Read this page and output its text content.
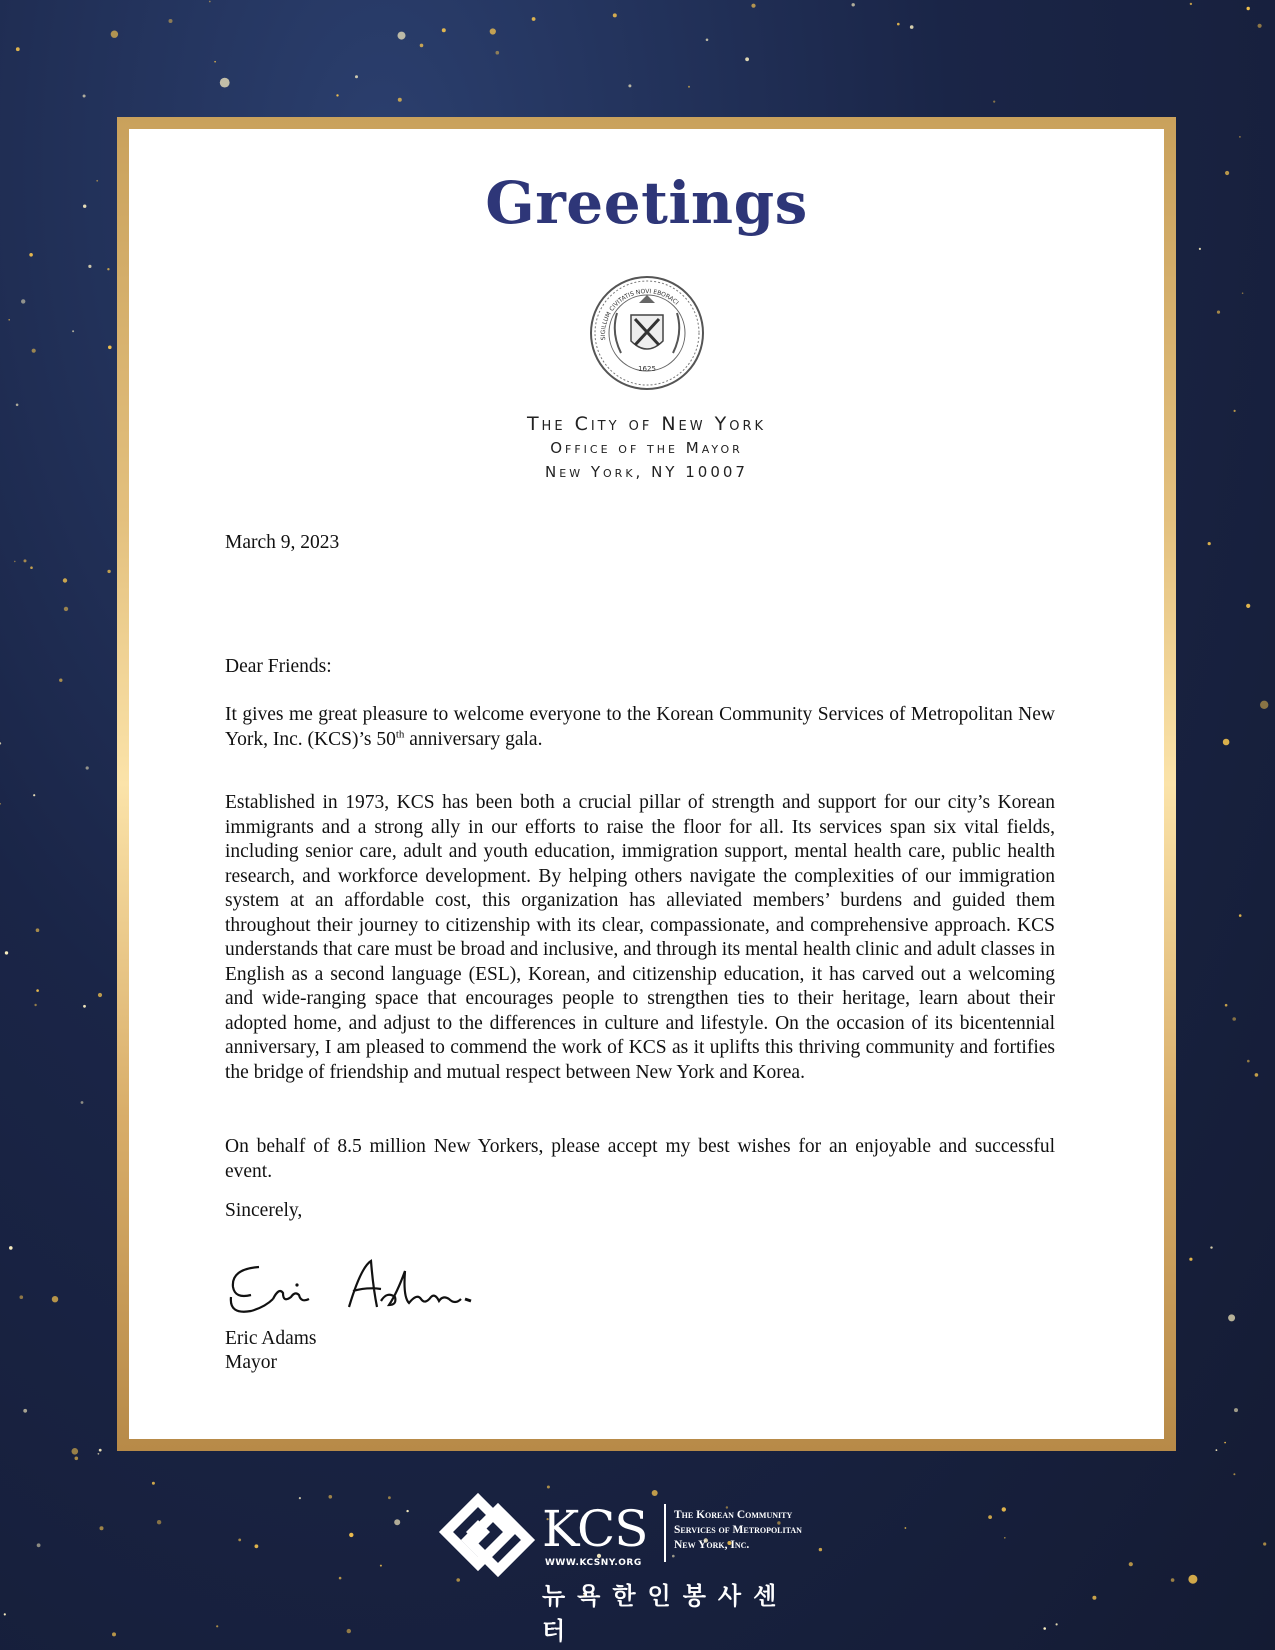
Greetings
1625
SIGILLUM CIVITATIS NOVI EBORACI
The City of New York
Office of the Mayor
New York, NY 10007
March 9, 2023
Dear Friends:
It gives me great pleasure to welcome everyone to the Korean Community Services of Metropolitan New York, Inc. (KCS)’s 50th anniversary gala.
Established in 1973, KCS has been both a crucial pillar of strength and support for our city’s Korean immigrants and a strong ally in our efforts to raise the floor for all. Its services span six vital fields, including senior care, adult and youth education, immigration support, mental health care, public health research, and workforce development. By helping others navigate the complexities of our immigration system at an affordable cost, this organization has alleviated members’ burdens and guided them throughout their journey to citizenship with its clear, compassionate, and comprehensive approach. KCS understands that care must be broad and inclusive, and through its mental health clinic and adult classes in English as a second language (ESL), Korean, and citizenship education, it has carved out a welcoming and wide-ranging space that encourages people to strengthen ties to their heritage, learn about their adopted home, and adjust to the differences in culture and lifestyle. On the occasion of its bicentennial anniversary, I am pleased to commend the work of KCS as it uplifts this thriving community and fortifies the bridge of friendship and mutual respect between New York and Korea.
On behalf of 8.5 million New Yorkers, please accept my best wishes for an enjoyable and successful event.
Sincerely,
Eric Adams
Mayor
KCS
WWW.KCSNY.ORG
The Korean Community
Services of Metropolitan
New York, Inc.
뉴욕한인봉사센터
